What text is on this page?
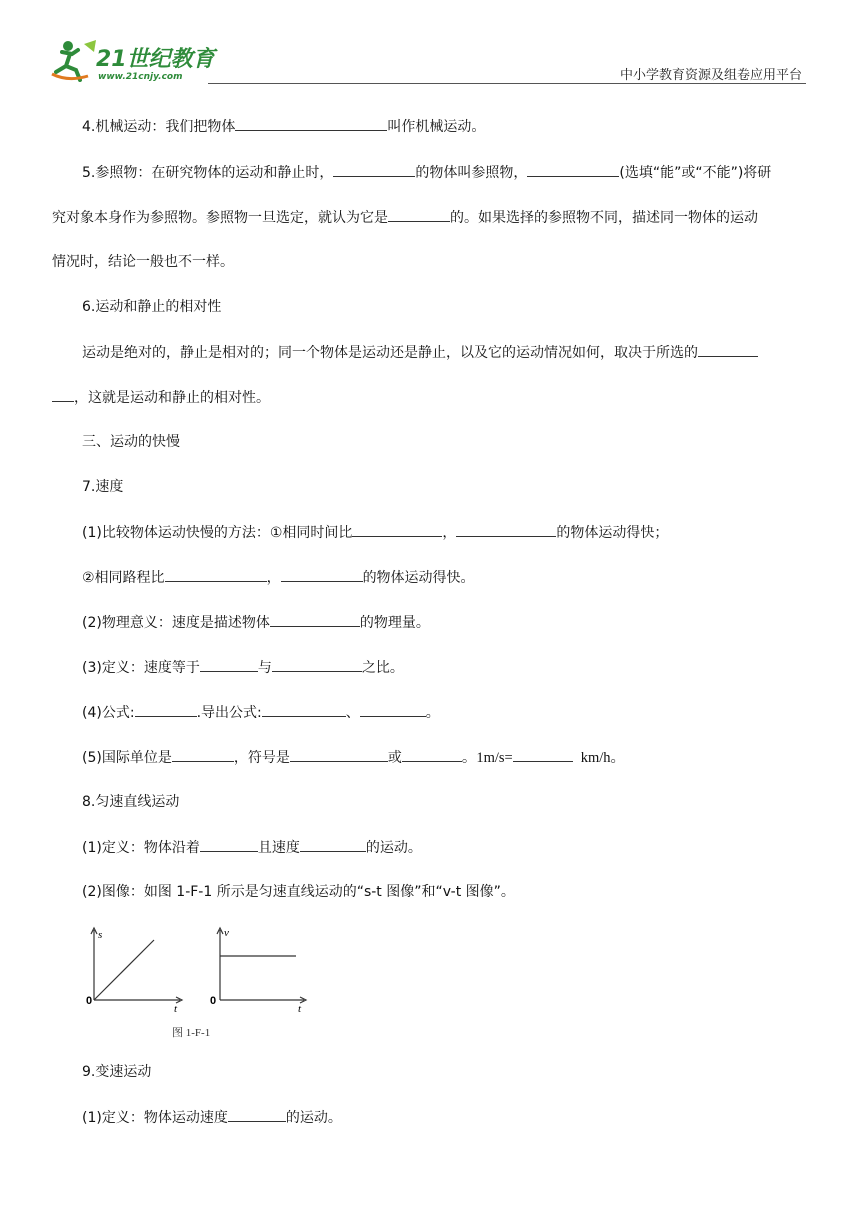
21世纪教育
www.21cnjy.com	中小学教育资源及组卷应用平台
4.机械运动：我们把物体	叫作机械运动。
5.参照物：在研究物体的运动和静止时，	的物体叫参照物，	(选填“能”或“不能”)将研
究对象本身作为参照物。参照物一旦选定，就认为它是	的。如果选择的参照物不同，描述同一物体的运动
情况时，结论一般也不一样。
6.运动和静止的相对性
运动是绝对的，静止是相对的；同一个物体是运动还是静止，以及它的运动情况如何，取决于所选的
，这就是运动和静止的相对性。
三、运动的快慢
7.速度
(1)比较物体运动快慢的方法：①相同时间比	，	的物体运动得快；
②相同路程比	，	的物体运动得快。
(2)物理意义：速度是描述物体	的物理量。
(3)定义：速度等于	与	之比。
(4)公式:	.导出公式:	、	。
(5)国际单位是	，符号是	或	。1m/s=	km/h。
8.匀速直线运动
(1)定义：物体沿着	且速度	的运动。
(2)图像：如图 1-F-1 所示是匀速直线运动的“s-t 图像”和“v-t 图像”。
s
t
0
v
t
0
图 1-F-1
9.变速运动
(1)定义：物体运动速度	的运动。
